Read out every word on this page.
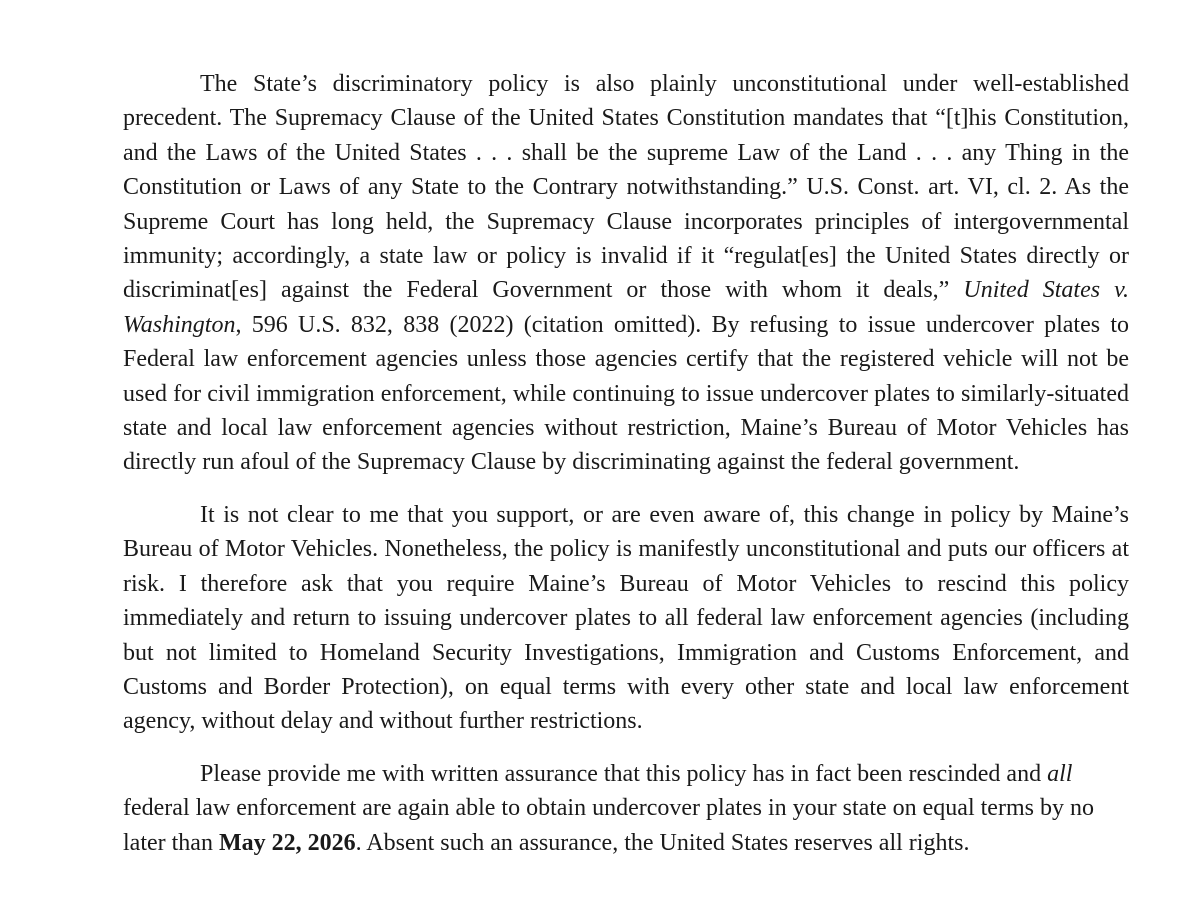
The State’s discriminatory policy is also plainly unconstitutional under well-established precedent. The Supremacy Clause of the United States Constitution mandates that “[t]his Constitution, and the Laws of the United States . . . shall be the supreme Law of the Land . . . any Thing in the Constitution or Laws of any State to the Contrary notwithstanding.” U.S. Const. art. VI, cl. 2. As the Supreme Court has long held, the Supremacy Clause incorporates principles of intergovernmental immunity; accordingly, a state law or policy is invalid if it “regulat[es] the United States directly or discriminat[es] against the Federal Government or those with whom it deals,” United States v. Washington, 596 U.S. 832, 838 (2022) (citation omitted). By refusing to issue undercover plates to Federal law enforcement agencies unless those agencies certify that the registered vehicle will not be used for civil immigration enforcement, while continuing to issue undercover plates to similarly-situated state and local law enforcement agencies without restriction, Maine’s Bureau of Motor Vehicles has directly run afoul of the Supremacy Clause by discriminating against the federal government.

It is not clear to me that you support, or are even aware of, this change in policy by Maine’s Bureau of Motor Vehicles. Nonetheless, the policy is manifestly unconstitutional and puts our officers at risk. I therefore ask that you require Maine’s Bureau of Motor Vehicles to rescind this policy immediately and return to issuing undercover plates to all federal law enforcement agencies (including but not limited to Homeland Security Investigations, Immigration and Customs Enforcement, and Customs and Border Protection), on equal terms with every other state and local law enforcement agency, without delay and without further restrictions.

Please provide me with written assurance that this policy has in fact been rescinded and all federal law enforcement are again able to obtain undercover plates in your state on equal terms by no later than May 22, 2026. Absent such an assurance, the United States reserves all rights.
